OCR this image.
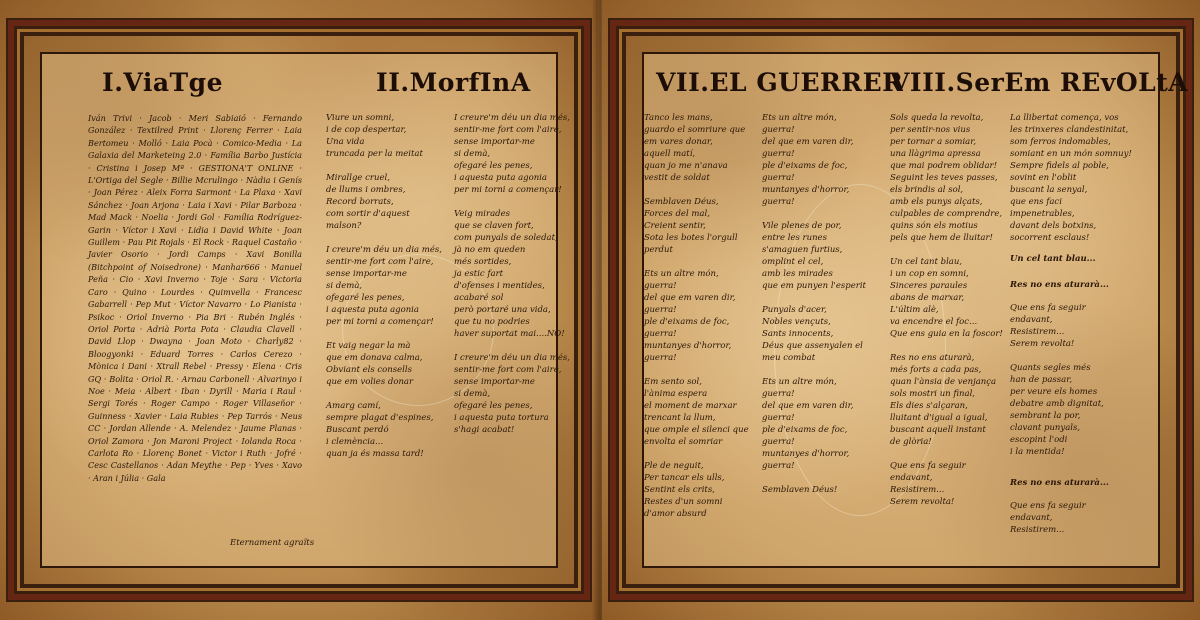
I.ViaTge

Iván Trivi · Jacob · Meri Sabiaió · Fernando González · Textilred Print · Llorenç Ferrer · Laia Bertomeu · Molló · Laia Pocà · Comico-Media · La Galaxia del Marketeing 2.0 · Família Barbo Justícia · Cristina i Josep Mª · GESTIONA'T ONLINE · L'Ortiga del Segle · Billie Mcrulingo · Nàdia i Genís · Joan Pérez · Aleix Forra Sarmont · La Plaxa · Xavi Sánchez · Joan Arjona · Laia i Xavi · Pilar Barboza · Mad Mack · Noelia · Jordi Gol · Família Rodríguez-Garin · Víctor i Xavi · Lidia i David White · Joan Guillem · Pau Pit Rojals · El Rock · Raquel Castaño · Javier Osorio · Jordi Camps · Xavi Bonilla (Bitchpoint of Noisedrone) · Manhar666 · Manuel Peña · Cio · Xavi Inverno · Toje · Sara · Victoria Caro · Quino · Lourdes · Quimvella · Francesc Gabarrell · Pep Mut · Víctor Navarro · Lo Pianista · Psikoc · Oriol Inverno · Pia Bri · Rubén Inglés · Oriol Porta · Adrià Porta Pota · Claudia Clavell · David Llop · Dwayna · Joan Moto · Charly82 · Bloogyonki · Eduard Torres · Carlos Cerezo · Mònica i Dani · Xtrall Rebel · Pressy · Elena · Cris GQ · Bolita · Oriol R. · Arnau Carbonell · Alvarinyo i Noe · Meia · Albert · Iban · Dyrill · Maria i Raul · Sergi Torés · Roger Campo · Roger Villaseñor · Guinness · Xavier · Laia Rubies · Pep Tarrós · Neus CC · Jordan Allende · A. Melendez · Jaume Planas · Oriol Zamora · Jon Maroni Project · Iolanda Roca · Carlota Ro · Llorenç Bonet · Victor i Ruth · Jofré · Cesc Castellanos · Adan Meythe · Pep · Yves · Xavo · Aran i Júlia · Gala

Eternament agraïts

II.MorfInA
Viure un somni,
i de cop despertar,
Una vida
truncada per la meitat

Mirallge cruel,
de llums i ombres,
Record borrats,
com sortir d'aquest
malson?

I creure'm déu un dia més,
sentir-me fort com l'aire,
sense importar-me
si demà,
ofegaré les penes,
i aquesta puta agonia
per mi torni a començar!

Et vaig negar la mà
que em donava calma,
Obviant els consells
que em volies donar

Amarg camí,
sempre plagat d'espines,
Buscant perdó
i clemència...
quan ja és massa tard!
I creure'm déu un dia més,
sentir-me fort com l'aire,
sense importar-me
si demà,
ofegaré les penes,
i aquesta puta agonia
per mi torni a començar!

Veig mirades
que se claven fort,
com punyals de soledat,
jà no em queden
més sortides,
ja estic fart
d'ofenses i mentides,
acabaré sol
però portaré una vida,
que tu no podries
haver suportat mai....NO!

I creure'm déu un dia més,
sentir-me fort com l'aire,
sense importar-me
si demà,
ofegaré les penes,
i aquesta puta tortura
s'hagi acabat!
VII.EL GUERRER
Tanco les mans,
guardo el somriure que
em vares donar,
aquell matí,
quan jo me n'anava
vestit de soldat

Semblaven Déus,
Forces del mal,
Creient sentir,
Sota les botes l'orgull
perdut

Ets un altre món,
guerra!
del que em varen dir,
guerra!
ple d'eixams de foc,
guerra!
muntanyes d'horror,
guerra!

Em sento sol,
l'ànima espera
el moment de marxar
trencant la llum,
que omple el silenci que
envolta el somriar

Ple de neguit,
Per tancar els ulls,
Sentint els crits,
Restes d'un somni
d'amor absurd
Ets un altre món,
guerra!
del que em varen dir,
guerra!
ple d'eixams de foc,
guerra!
muntanyes d'horror,
guerra!

Vile plenes de por,
entre les runes
s'amaguen furtius,
omplint el cel,
amb les mirades
que em punyen l'esperit

Punyals d'acer,
Nobles vençuts,
Sants innocents,
Déus que assenyalen el
meu combat

Ets un altre món,
guerra!
del que em varen dir,
guerra!
ple d'eixams de foc,
guerra!
muntanyes d'horror,
guerra!

Semblaven Déus!
VIII.SerEm REvOLtA
Sols queda la revolta,
per sentir-nos vius
per tornar a somiar,
una llàgrima apressa
que mai podrem oblidar!
Seguint les teves passes,
els brindis al sol,
amb els punys alçats,
culpables de comprendre,
quins són els motius
pels que hem de lluitar!

Un cel tant blau,
i un cop en somni,
Sinceres paraules
abans de marxar,
L'últim alè,
va encendre el foc...
Que ens guia en la foscor!

Res no ens aturarà,
més forts a cada pas,
quan l'ànsia de venjança
sols mostri un final,
Els dies s'alçaran,
lluitant d'igual a igual,
buscant aquell instant
de glòria!

Que ens fa seguir
endavant,
Resistirem...
Serem revolta!
La llibertat comença, vos
les trinxeres clandestinitat,
som ferros indomables,
somiant en un món somnuy!
Sempre fidels al poble,
sovint en l'oblit
buscant la senyal,
que ens faci
impenetrables,
davant dels botxins,
socorrent esclaus!

Un cel tant blau...

Res no ens aturarà...

Que ens fa seguir
endavant,
Resistirem...
Serem revolta!

Quants segles més
han de passar,
per veure els homes
debatre amb dignitat,
sembrant la por,
clavant punyals,
escopint l'odi
i la mentida!

Res no ens aturarà...

Que ens fa seguir
endavant,
Resistirem...
